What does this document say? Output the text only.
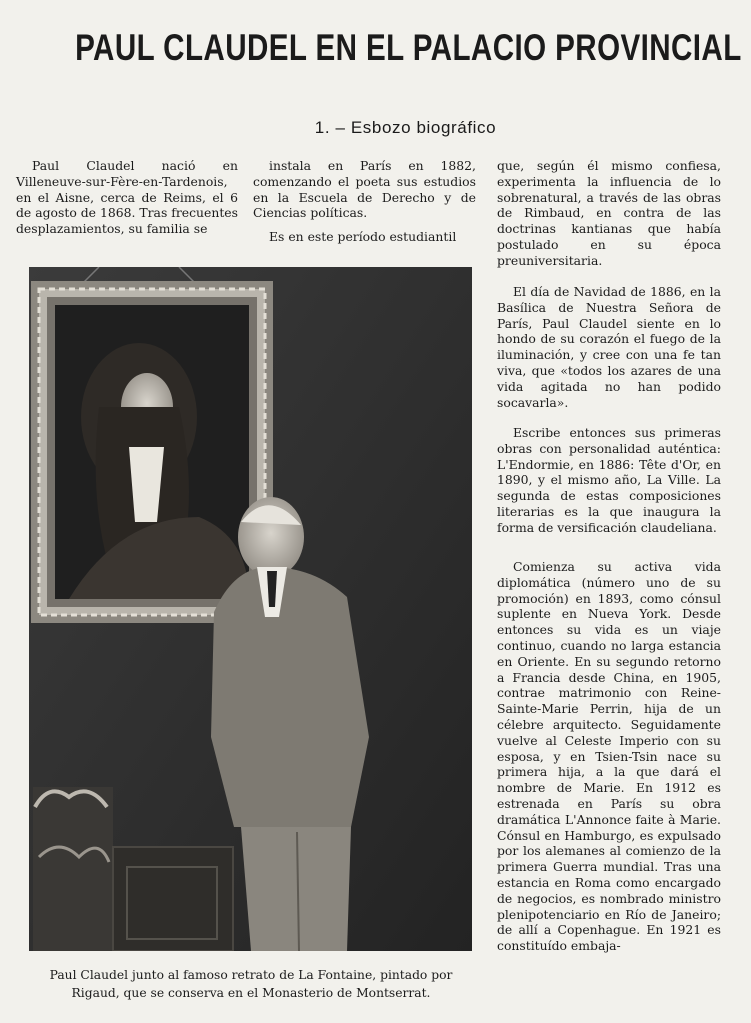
PAUL CLAUDEL EN EL PALACIO PROVINCIAL
1. – Esbozo biográfico

Paul Claudel nació en Villeneuve-sur-Fère-en-Tardenois, en el Aisne, cerca de Reims, el 6 de agosto de 1868. Tras frecuentes desplazamientos, su familia se

instala en París en 1882, comenzando el poeta sus estudios en la Escuela de Derecho y de Ciencias políticas.

Es en este período estudiantil

que, según él mismo confiesa, experimenta la influencia de lo sobrenatural, a través de las obras de Rimbaud, en contra de las doctrinas kantianas que había postulado en su época preuniversitaria.

El día de Navidad de 1886, en la Basílica de Nuestra Señora de París, Paul Claudel siente en lo hondo de su corazón el fuego de la iluminación, y cree con una fe tan viva, que «todos los azares de una vida agitada no han podido socavarla».

Escribe entonces sus primeras obras con personalidad auténtica: L'Endormie, en 1886: Tête d'Or, en 1890, y el mismo año, La Ville. La segunda de estas composiciones literarias es la que inaugura la forma de versificación claudeliana.

Comienza su activa vida diplomática (número uno de su promoción) en 1893, como cónsul suplente en Nueva York. Desde entonces su vida es un viaje continuo, cuando no larga estancia en Oriente. En su segundo retorno a Francia desde China, en 1905, contrae matrimonio con Reine-Sainte-Marie Perrin, hija de un célebre arquitecto. Seguidamente vuelve al Celeste Imperio con su esposa, y en Tsien-Tsin nace su primera hija, a la que dará el nombre de Marie. En 1912 es estrenada en París su obra dramática L'Annonce faite à Marie. Cónsul en Hamburgo, es expulsado por los alemanes al comienzo de la primera Guerra mundial. Tras una estancia en Roma como encargado de negocios, es nombrado ministro plenipotenciario en Río de Janeiro; de allí a Copenhague. En 1921 es constituído embaja-

Paul Claudel junto al famoso retrato de La Fontaine, pintado por Rigaud, que se conserva en el Monasterio de Montserrat.
